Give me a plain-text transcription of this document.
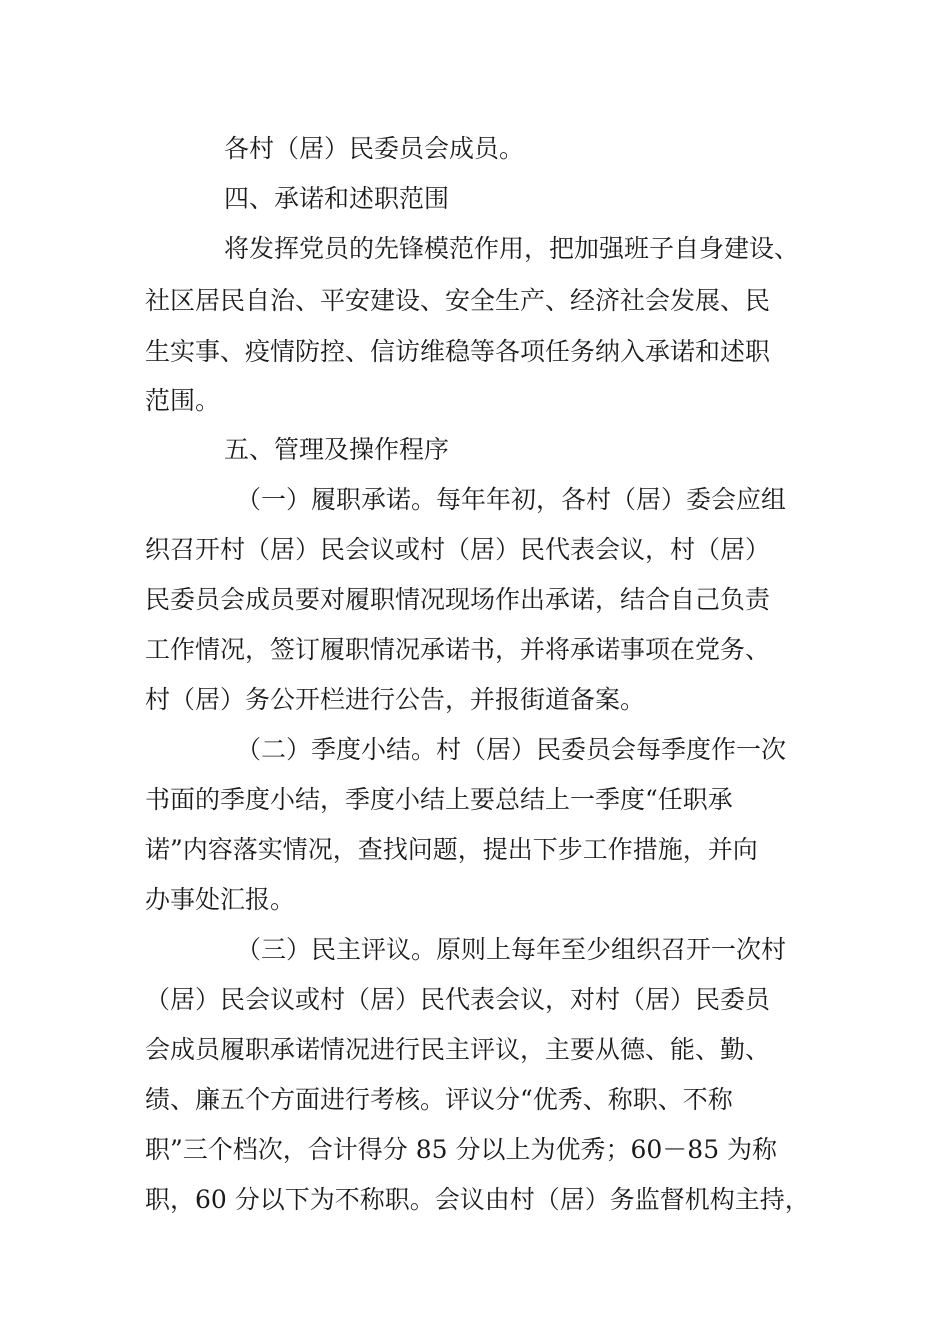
各村（居）民委员会成员。
四、承诺和述职范围
将发挥党员的先锋模范作用，把加强班子自身建设、
社区居民自治、平安建设、安全生产、经济社会发展、民
生实事、疫情防控、信访维稳等各项任务纳入承诺和述职
范围。
五、管理及操作程序
（一）履职承诺。每年年初，各村（居）委会应组
织召开村（居）民会议或村（居）民代表会议，村（居）
民委员会成员要对履职情况现场作出承诺，结合自己负责
工作情况，签订履职情况承诺书，并将承诺事项在党务、
村（居）务公开栏进行公告，并报街道备案。
（二）季度小结。村（居）民委员会每季度作一次
书面的季度小结，季度小结上要总结上一季度“任职承
诺”内容落实情况，查找问题，提出下步工作措施，并向
办事处汇报。
（三）民主评议。原则上每年至少组织召开一次村
（居）民会议或村（居）民代表会议，对村（居）民委员
会成员履职承诺情况进行民主评议，主要从德、能、勤、
绩、廉五个方面进行考核。评议分“优秀、称职、不称
职”三个档次，合计得分 85 分以上为优秀；60－85 为称
职，60 分以下为不称职。会议由村（居）务监督机构主持，
